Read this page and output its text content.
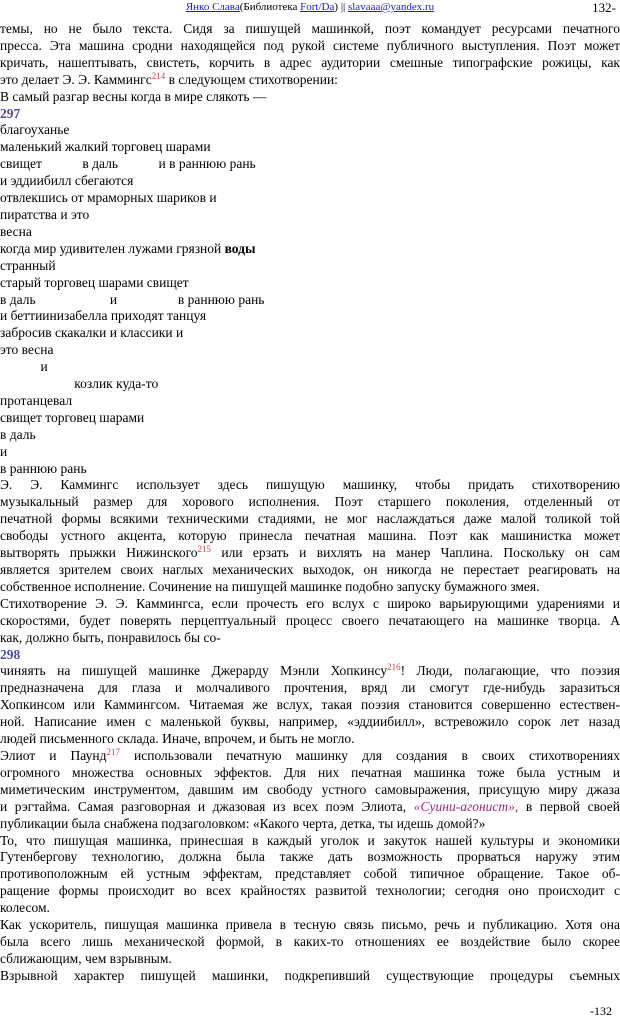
Янко Слава(Библиотека Fort/Da) || slavaaa@yandex.ru	132-

темы, но не было текста. Сидя за пишущей машинкой, поэт командует ресурсами печатного

пресса. Эта машина сродни находящейся под рукой системе публичного выступления. Поэт может

кричать, нашептывать, свистеть, корчить в адрес аудитории смешные типографские рожицы, как

это делает Э. Э. Каммингс$^{214}$ в следующем стихотворении:

В самый разгар весны когда в мире слякоть —

297

благоуханье

маленький жалкий торговец шарами

свищет            в даль            и в раннюю рань

и эддиибилл сбегаются

отвлекшись от мраморных шариков и

пиратства и это

весна

когда мир удивителен лужами грязной воды

странный

старый торговец шарами свищет

в даль                      и                  в раннюю рань

и беттиинизабелла приходят танцуя

забросив скакалки и классики и

это весна

и

козлик куда-то

протанцевал

свищет торговец шарами

в даль

и

в раннюю рань

Э. Э. Каммингс использует здесь пишущую машинку, чтобы придать стихотворению

музыкальный размер для хорового исполнения. Поэт старшего поколения, отделенный от

печатной формы всякими техническими стадиями, не мог наслаждаться даже малой толикой той

свободы устного акцента, которую принесла печатная машина. Поэт как машинистка может

вытворять прыжки Нижинского$^{215}$ или ерзать и вихлять на манер Чаплина. Поскольку он сам

является зрителем своих наглых механических выходок, он никогда не перестает реагировать на

собственное исполнение. Сочинение на пишущей машинке подобно запуску бумажного змея.

Стихотворение Э. Э. Каммингса, если прочесть его вслух с широко варьирующими ударениями и

скоростями, будет поверять перцептуальный процесс своего печатающего на машинке творца. А

как, должно быть, понравилось бы со-

298

чиняять на пишущей машинке Джерарду Мэнли Хопкинсу$^{216}$! Люди, полагающие, что поэзия

предназначена для глаза и молчаливого прочтения, вряд ли смогут где-нибудь заразиться

Хопкинсом или Каммингсом. Читаемая же вслух, такая поэзия становится совершенно естествен-

ной. Написание имен с маленькой буквы, например, «эддиибилл», встревожило сорок лет назад

людей письменного склада. Иначе, впрочем, и быть не могло.

Элиот и Паунд$^{217}$ использовали печатную машинку для создания в своих стихотворениях

огромного множества основных эффектов. Для них печатная машинка тоже была устным и

миметическим инструментом, давшим им свободу устного самовыражения, присущую миру джаза

и рэгтайма. Самая разговорная и джазовая из всех поэм Элиота, «Суини-агонист», в первой своей

публикации была снабжена подзаголовком: «Какого черта, детка, ты идешь домой?»

То, что пишущая машинка, принесшая в каждый уголок и закуток нашей культуры и экономики

Гутенбергову технологию, должна была также дать возможность прорваться наружу этим

противоположным ей устным эффектам, представляет собой типичное обращение. Такое об-

ращение формы происходит во всех крайностях развитой технологии; сегодня оно происходит с

колесом.

Как ускоритель, пишущая машинка привела в тесную связь письмо, речь и публикацию. Хотя она

была всего лишь механической формой, в каких-то отношениях ее воздействие было скорее

сближающим, чем взрывным.

Взрывной характер пишущей машинки, подкрепивший существующие процедуры съемных

-132
